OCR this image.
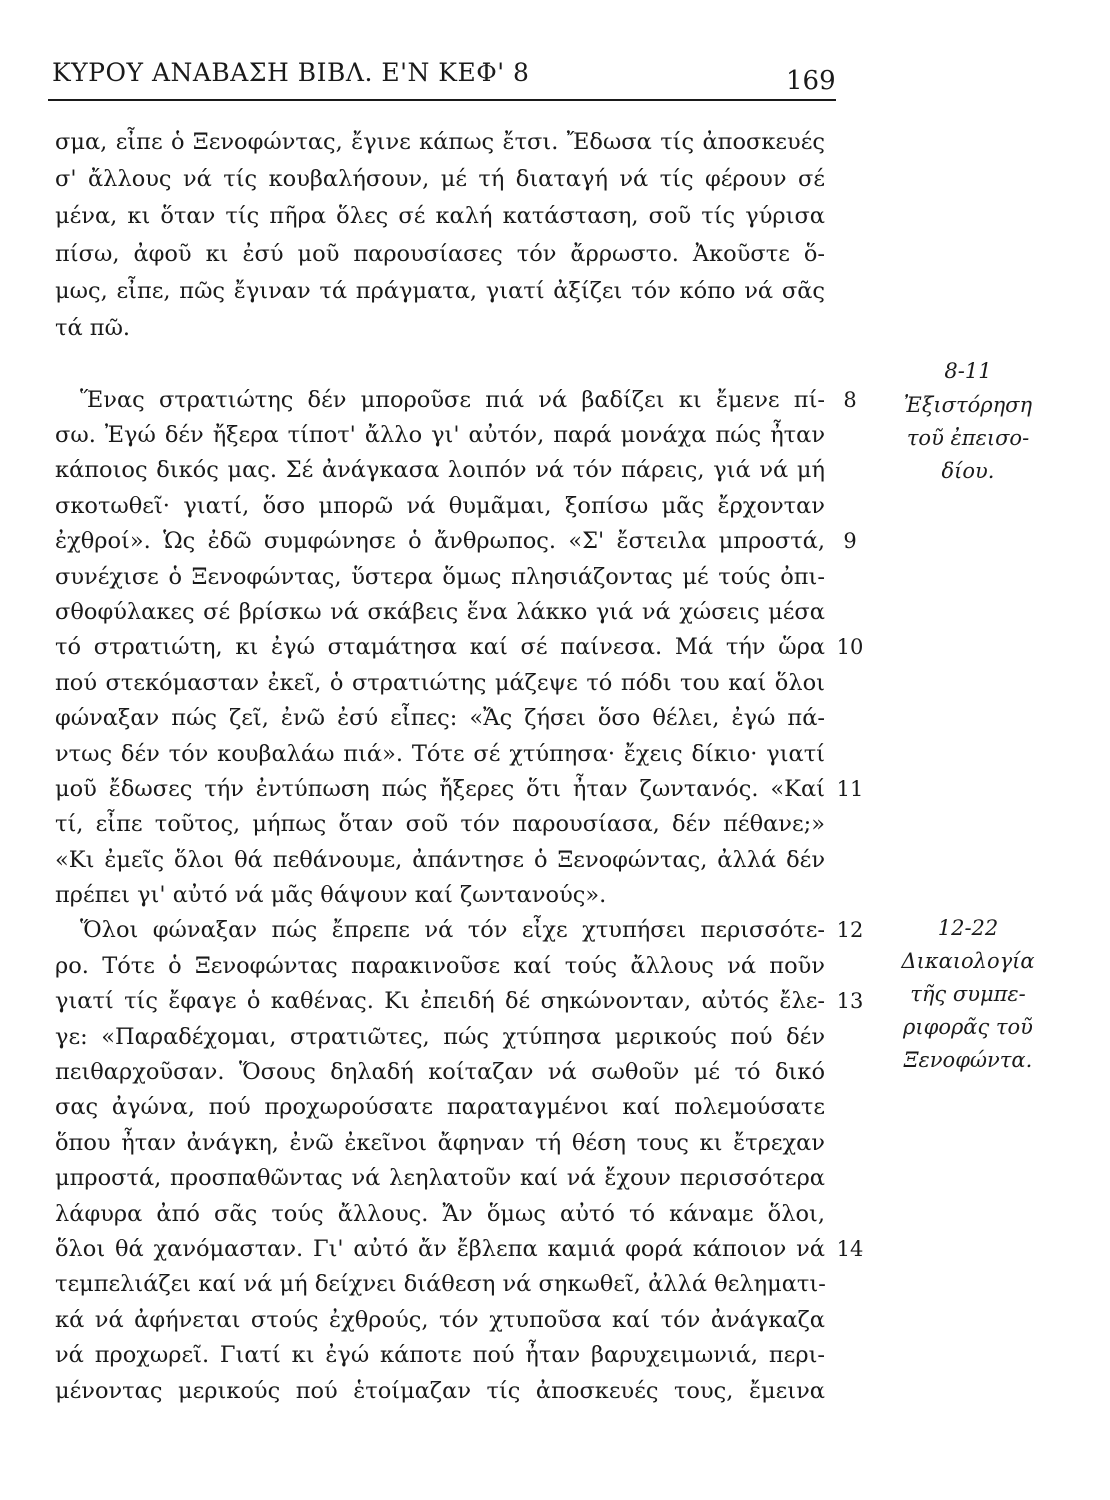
ΚΥΡΟΥ ΑΝΑΒΑΣΗ ΒΙΒΛ. Ε'Ν ΚΕΦ' 8	169
σμα, εἶπε ὁ Ξενοφώντας, ἔγινε κάπως ἔτσι. Ἔδωσα τίς ἀποσκευές
σ' ἄλλους νά τίς κουβαλήσουν, μέ τή διαταγή νά τίς φέρουν σέ
μένα, κι ὅταν τίς πῆρα ὅλες σέ καλή κατάσταση, σοῦ τίς γύρισα
πίσω, ἀφοῦ κι ἐσύ μοῦ παρουσίασες τόν ἄρρωστο. Ἀκοῦστε ὅ-
μως, εἶπε, πῶς ἔγιναν τά πράγματα, γιατί ἀξίζει τόν κόπο νά σᾶς
τά πῶ.
Ἕνας στρατιώτης δέν μποροῦσε πιά νά βαδίζει κι ἔμενε πί-
σω. Ἐγώ δέν ἤξερα τίποτ' ἄλλο γι' αὐτόν, παρά μονάχα πώς ἦταν
κάποιος δικός μας. Σέ ἀνάγκασα λοιπόν νά τόν πάρεις, γιά νά μή
σκοτωθεῖ· γιατί, ὅσο μπορῶ νά θυμᾶμαι, ξοπίσω μᾶς ἔρχονταν
ἐχθροί». Ὡς ἐδῶ συμφώνησε ὁ ἄνθρωπος. «Σ' ἔστειλα μπροστά,
συνέχισε ὁ Ξενοφώντας, ὕστερα ὅμως πλησιάζοντας μέ τούς ὀπι-
σθοφύλακες σέ βρίσκω νά σκάβεις ἕνα λάκκο γιά νά χώσεις μέσα
τό στρατιώτη, κι ἐγώ σταμάτησα καί σέ παίνεσα. Μά τήν ὥρα
πού στεκόμασταν ἐκεῖ, ὁ στρατιώτης μάζεψε τό πόδι του καί ὅλοι
φώναξαν πώς ζεῖ, ἐνῶ ἐσύ εἶπες: «Ἄς ζήσει ὅσο θέλει, ἐγώ πά-
ντως δέν τόν κουβαλάω πιά». Τότε σέ χτύπησα· ἔχεις δίκιο· γιατί
μοῦ ἔδωσες τήν ἐντύπωση πώς ἤξερες ὅτι ἦταν ζωντανός. «Καί
τί, εἶπε τοῦτος, μήπως ὅταν σοῦ τόν παρουσίασα, δέν πέθανε;»
«Κι ἐμεῖς ὅλοι θά πεθάνουμε, ἀπάντησε ὁ Ξενοφώντας, ἀλλά δέν
πρέπει γι' αὐτό νά μᾶς θάψουν καί ζωντανούς».
Ὅλοι φώναξαν πώς ἔπρεπε νά τόν εἶχε χτυπήσει περισσότε-
ρο. Τότε ὁ Ξενοφώντας παρακινοῦσε καί τούς ἄλλους νά ποῦν
γιατί τίς ἔφαγε ὁ καθένας. Κι ἐπειδή δέ σηκώνονταν, αὐτός ἔλε-
γε: «Παραδέχομαι, στρατιῶτες, πώς χτύπησα μερικούς πού δέν
πειθαρχοῦσαν. Ὅσους δηλαδή κοίταζαν νά σωθοῦν μέ τό δικό
σας ἀγώνα, πού προχωρούσατε παραταγμένοι καί πολεμούσατε
ὅπου ἦταν ἀνάγκη, ἐνῶ ἐκεῖνοι ἄφηναν τή θέση τους κι ἔτρεχαν
μπροστά, προσπαθῶντας νά λεηλατοῦν καί νά ἔχουν περισσότερα
λάφυρα ἀπό σᾶς τούς ἄλλους. Ἄν ὅμως αὐτό τό κάναμε ὅλοι,
ὅλοι θά χανόμασταν. Γι' αὐτό ἄν ἔβλεπα καμιά φορά κάποιον νά
τεμπελιάζει καί νά μή δείχνει διάθεση νά σηκωθεῖ, ἀλλά θεληματι-
κά νά ἀφήνεται στούς ἐχθρούς, τόν χτυποῦσα καί τόν ἀνάγκαζα
νά προχωρεῖ. Γιατί κι ἐγώ κάποτε πού ἦταν βαρυχειμωνιά, περι-
μένοντας μερικούς πού ἑτοίμαζαν τίς ἀποσκευές τους, ἔμεινα
8
9
10
11
12
13
14
8-11
Ἐξιστόρηση
τοῦ ἐπεισο-
δίου.
12-22
Δικαιολογία
τῆς συμπε-
ριφορᾶς τοῦ
Ξενοφώντα.
